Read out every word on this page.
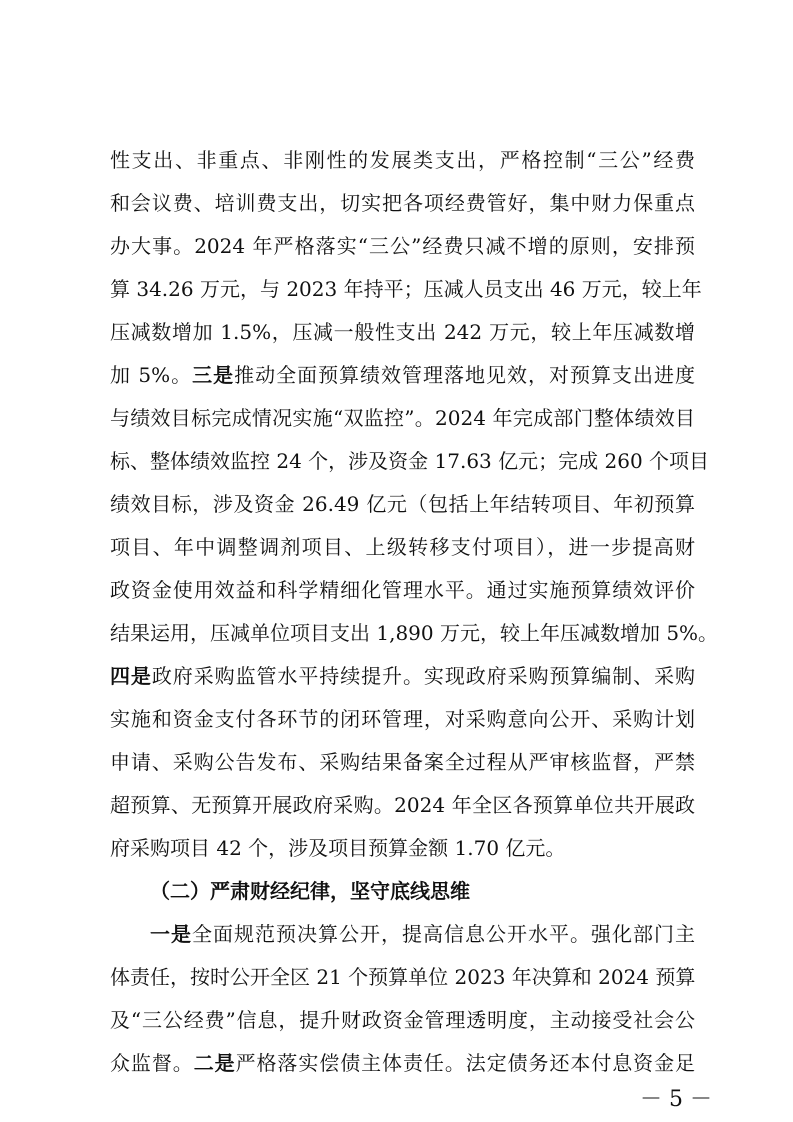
性支出、非重点、非刚性的发展类支出，严格控制“三公”经费
和会议费、培训费支出，切实把各项经费管好，集中财力保重点
办大事。2024 年严格落实“三公”经费只减不增的原则，安排预
算 34.26 万元，与 2023 年持平；压减人员支出 46 万元，较上年
压减数增加 1.5%，压减一般性支出 242 万元，较上年压减数增
加 5%。三是推动全面预算绩效管理落地见效，对预算支出进度
与绩效目标完成情况实施“双监控”。2024 年完成部门整体绩效目
标、整体绩效监控 24 个，涉及资金 17.63 亿元；完成 260 个项目
绩效目标，涉及资金 26.49 亿元（包括上年结转项目、年初预算
项目、年中调整调剂项目、上级转移支付项目），进一步提高财
政资金使用效益和科学精细化管理水平。通过实施预算绩效评价
结果运用，压减单位项目支出 1,890 万元，较上年压减数增加 5%。
四是政府采购监管水平持续提升。实现政府采购预算编制、采购
实施和资金支付各环节的闭环管理，对采购意向公开、采购计划
申请、采购公告发布、采购结果备案全过程从严审核监督，严禁
超预算、无预算开展政府采购。2024 年全区各预算单位共开展政
府采购项目 42 个，涉及项目预算金额 1.70 亿元。
（二）严肃财经纪律，坚守底线思维
一是全面规范预决算公开，提高信息公开水平。强化部门主
体责任，按时公开全区 21 个预算单位 2023 年决算和 2024 预算
及“三公经费”信息，提升财政资金管理透明度，主动接受社会公
众监督。二是严格落实偿债主体责任。法定债务还本付息资金足
－ 5 －
